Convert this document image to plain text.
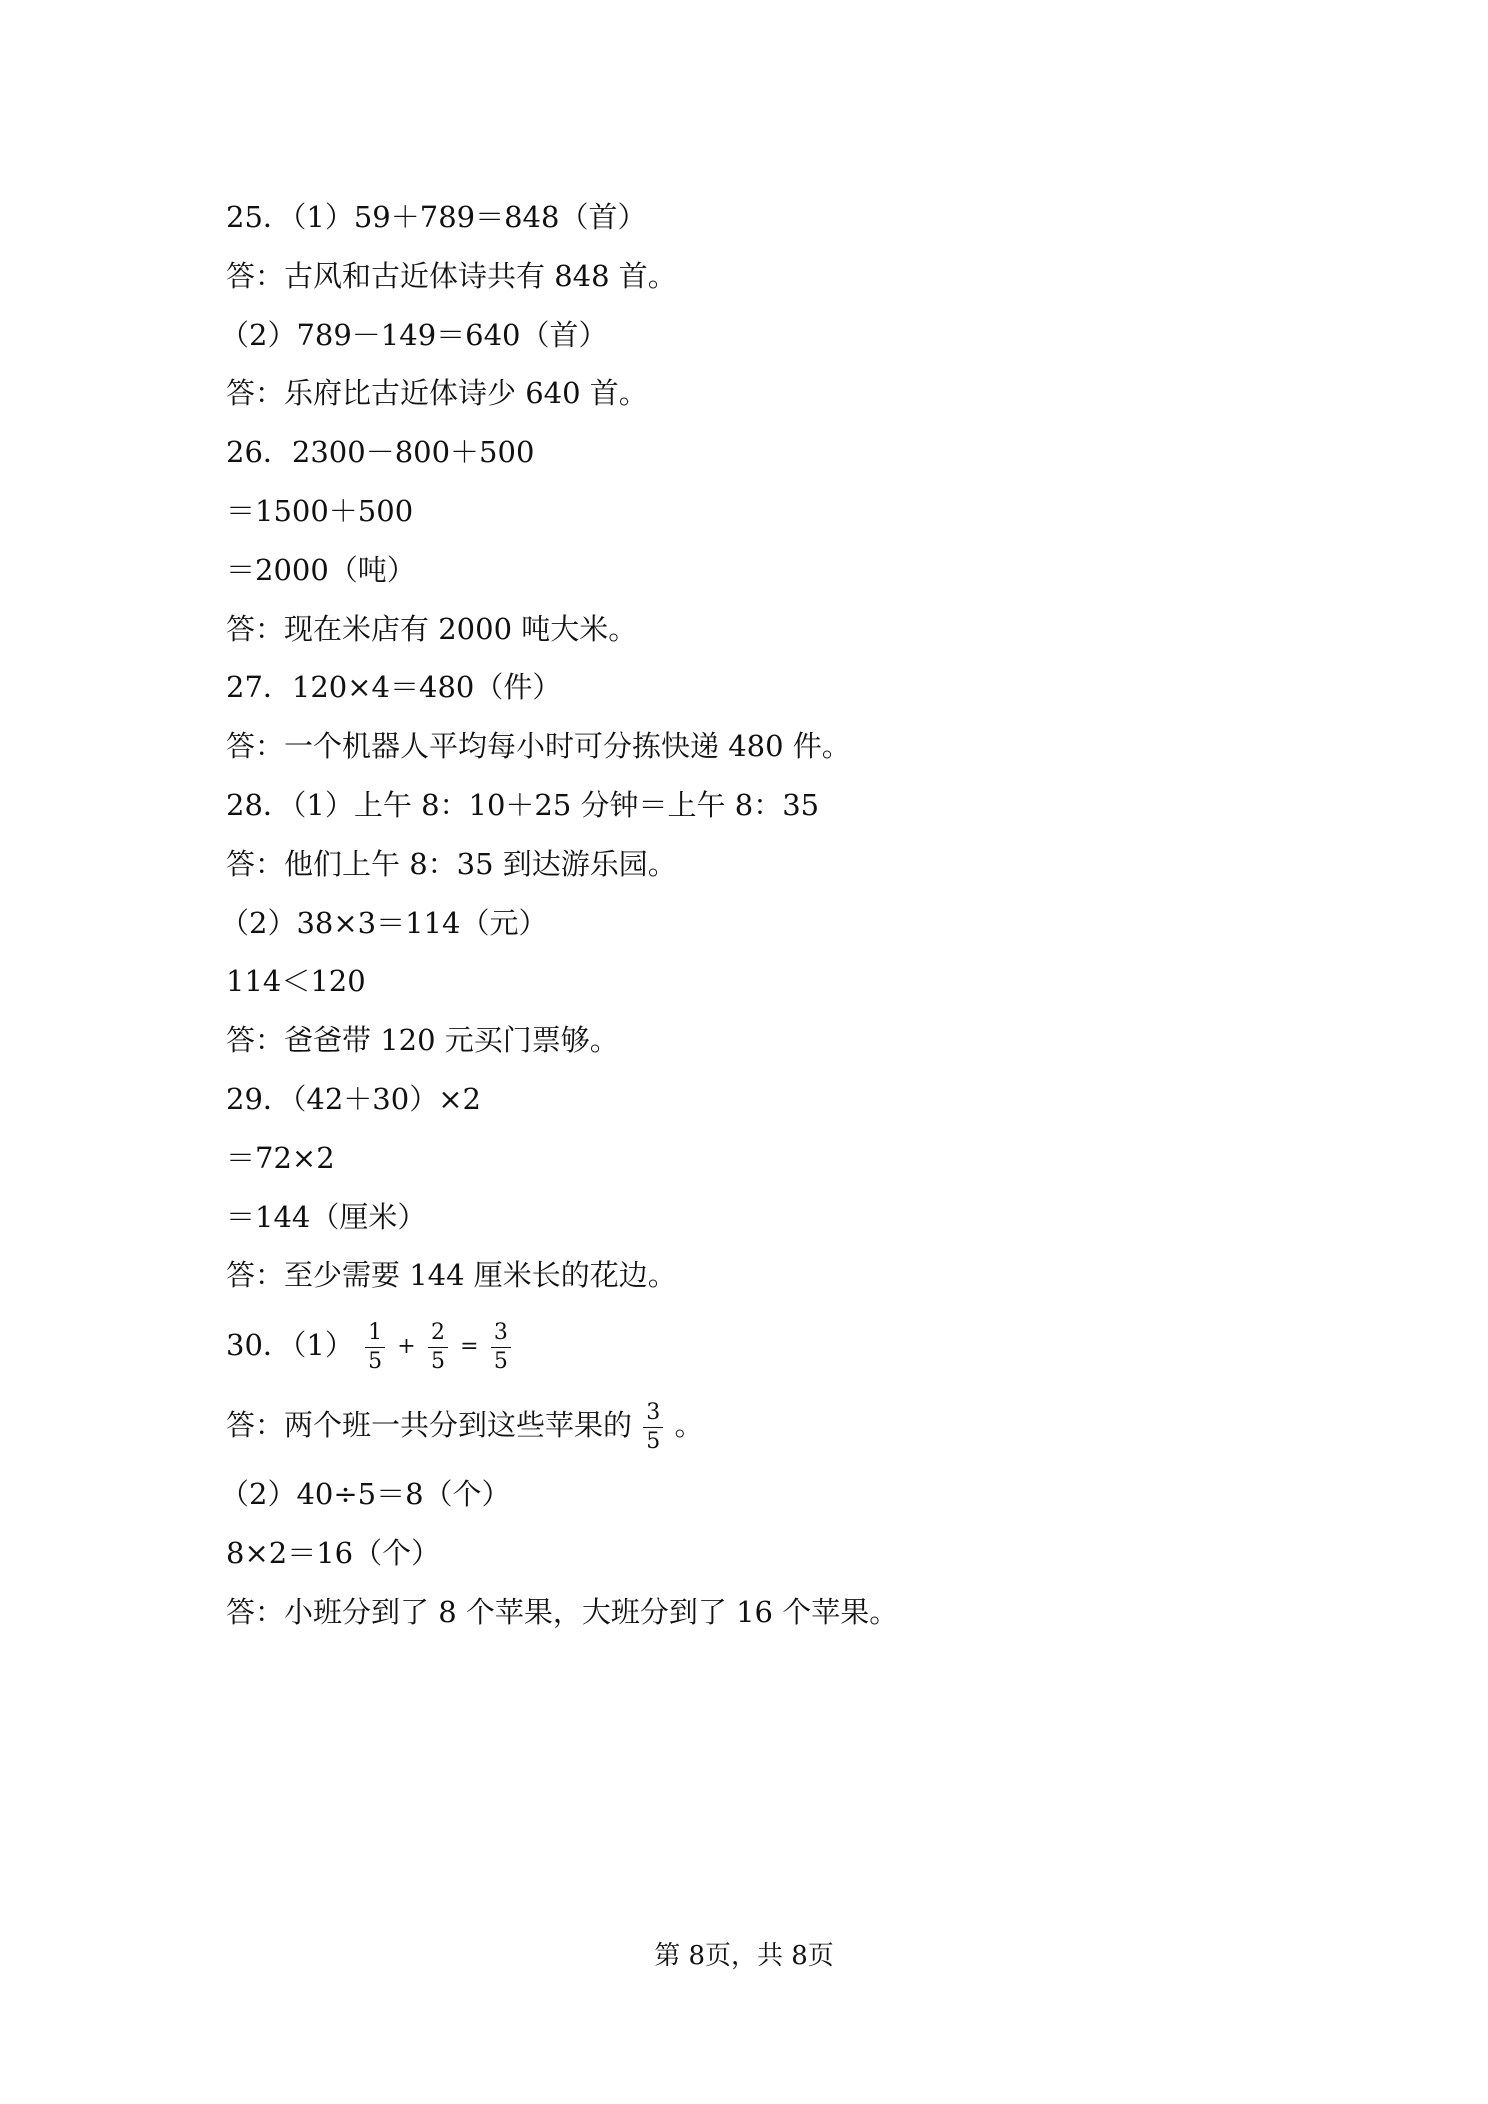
25．（1）59＋789＝848（首）
答：古风和古近体诗共有 848 首。
（2）789－149＝640（首）
答：乐府比古近体诗少 640 首。
26．2300－800＋500
＝1500＋500
＝2000（吨）
答：现在米店有 2000 吨大米。
27．120×4＝480（件）
答：一个机器人平均每小时可分拣快递 480 件。
28．（1）上午 8：10＋25 分钟＝上午 8：35
答：他们上午 8：35 到达游乐园。
（2）38×3＝114（元）
114＜120
答：爸爸带 120 元买门票够。
29．（42＋30）×2
＝72×2
＝144（厘米）
答：至少需要 144 厘米长的花边。
30．$(1) \frac{1}{5} + \frac{2}{5} = \frac{3}{5}$
答：两个班一共分到这些苹果的 $\frac{3}{5}$ 。
（2）40÷5＝8（个）
8×2＝16（个）
答：小班分到了 8 个苹果，大班分到了 16 个苹果。
第 8页，共 8页
